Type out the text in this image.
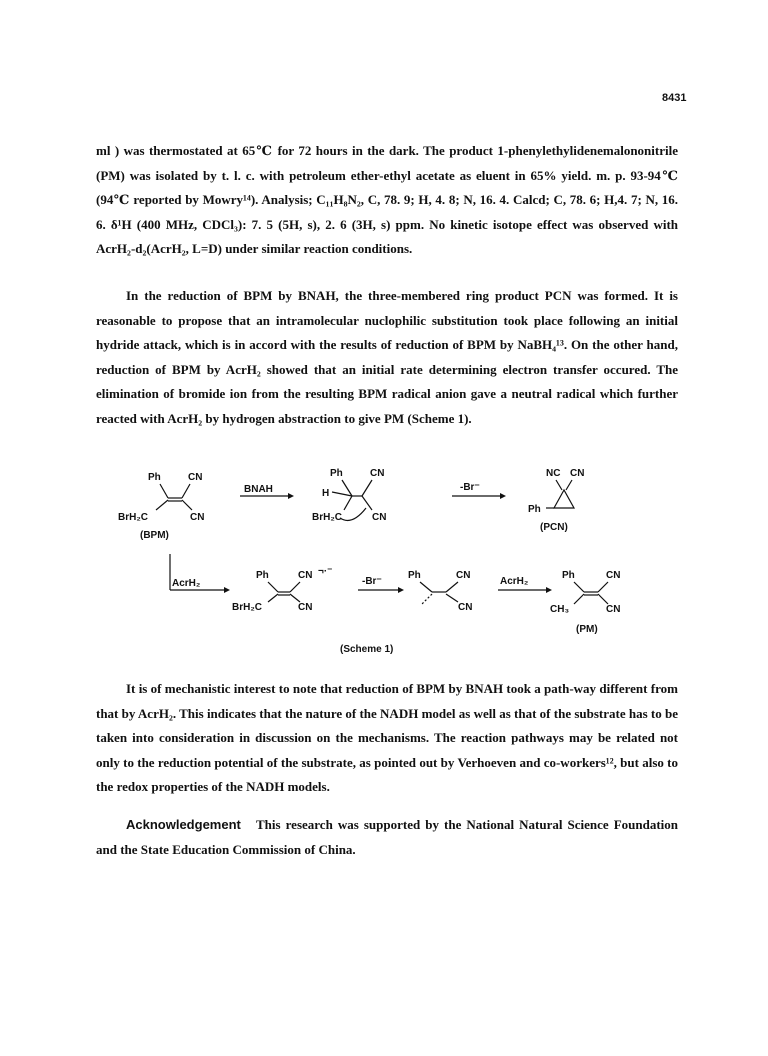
8431

ml ) was thermostated at 65℃ for 72 hours in the dark. The product 1-phenylethylidenemalononitrile (PM) was isolated by t. l. c. with petroleum ether-ethyl acetate as eluent in 65% yield. m. p. 93-94℃ (94℃ reported by Mowry¹⁴). Analysis; C₁₁H₈N₂, C, 78. 9; H, 4. 8; N, 16. 4. Calcd; C, 78. 6; H,4. 7; N, 16. 6. δ¹H (400 MHz, CDCl₃): 7. 5 (5H, s), 2. 6 (3H, s) ppm. No kinetic isotope effect was observed with AcrH₂-d₂(AcrH₂, L=D) under similar reaction conditions.

In the reduction of BPM by BNAH, the three-membered ring product PCN was formed. It is reasonable to propose that an intramolecular nuclophilic substitution took place following an initial hydride attack, which is in accord with the results of reduction of BPM by NaBH₄¹³. On the other hand, reduction of BPM by AcrH₂ showed that an initial rate determining electron transfer occured. The elimination of bromide ion from the resulting BPM radical anion gave a neutral radical which further reacted with AcrH₂ by hydrogen abstraction to give PM (Scheme 1).

Ph	CN
BrH₂C	CN
(BPM)
BNAH
Ph	CN
H
BrH₂C	CN
-Br⁻
NC CN
Ph
(PCN)
AcrH₂
Ph	CN ¬·⁻
BrH₂C	CN
-Br⁻
Ph	CN
CN
AcrH₂
Ph	CN
CH₃	CN
(PM)
(Scheme 1)

It is of mechanistic interest to note that reduction of BPM by BNAH took a path-way different from that by AcrH₂. This indicates that the nature of the NADH model as well as that of the substrate has to be taken into consideration in discussion on the mechanisms. The reaction pathways may be related not only to the reduction potential of the substrate, as pointed out by Verhoeven and co-workers¹², but also to the redox properties of the NADH models.

Acknowledgement This research was supported by the National Natural Science Foundation and the State Education Commission of China.
